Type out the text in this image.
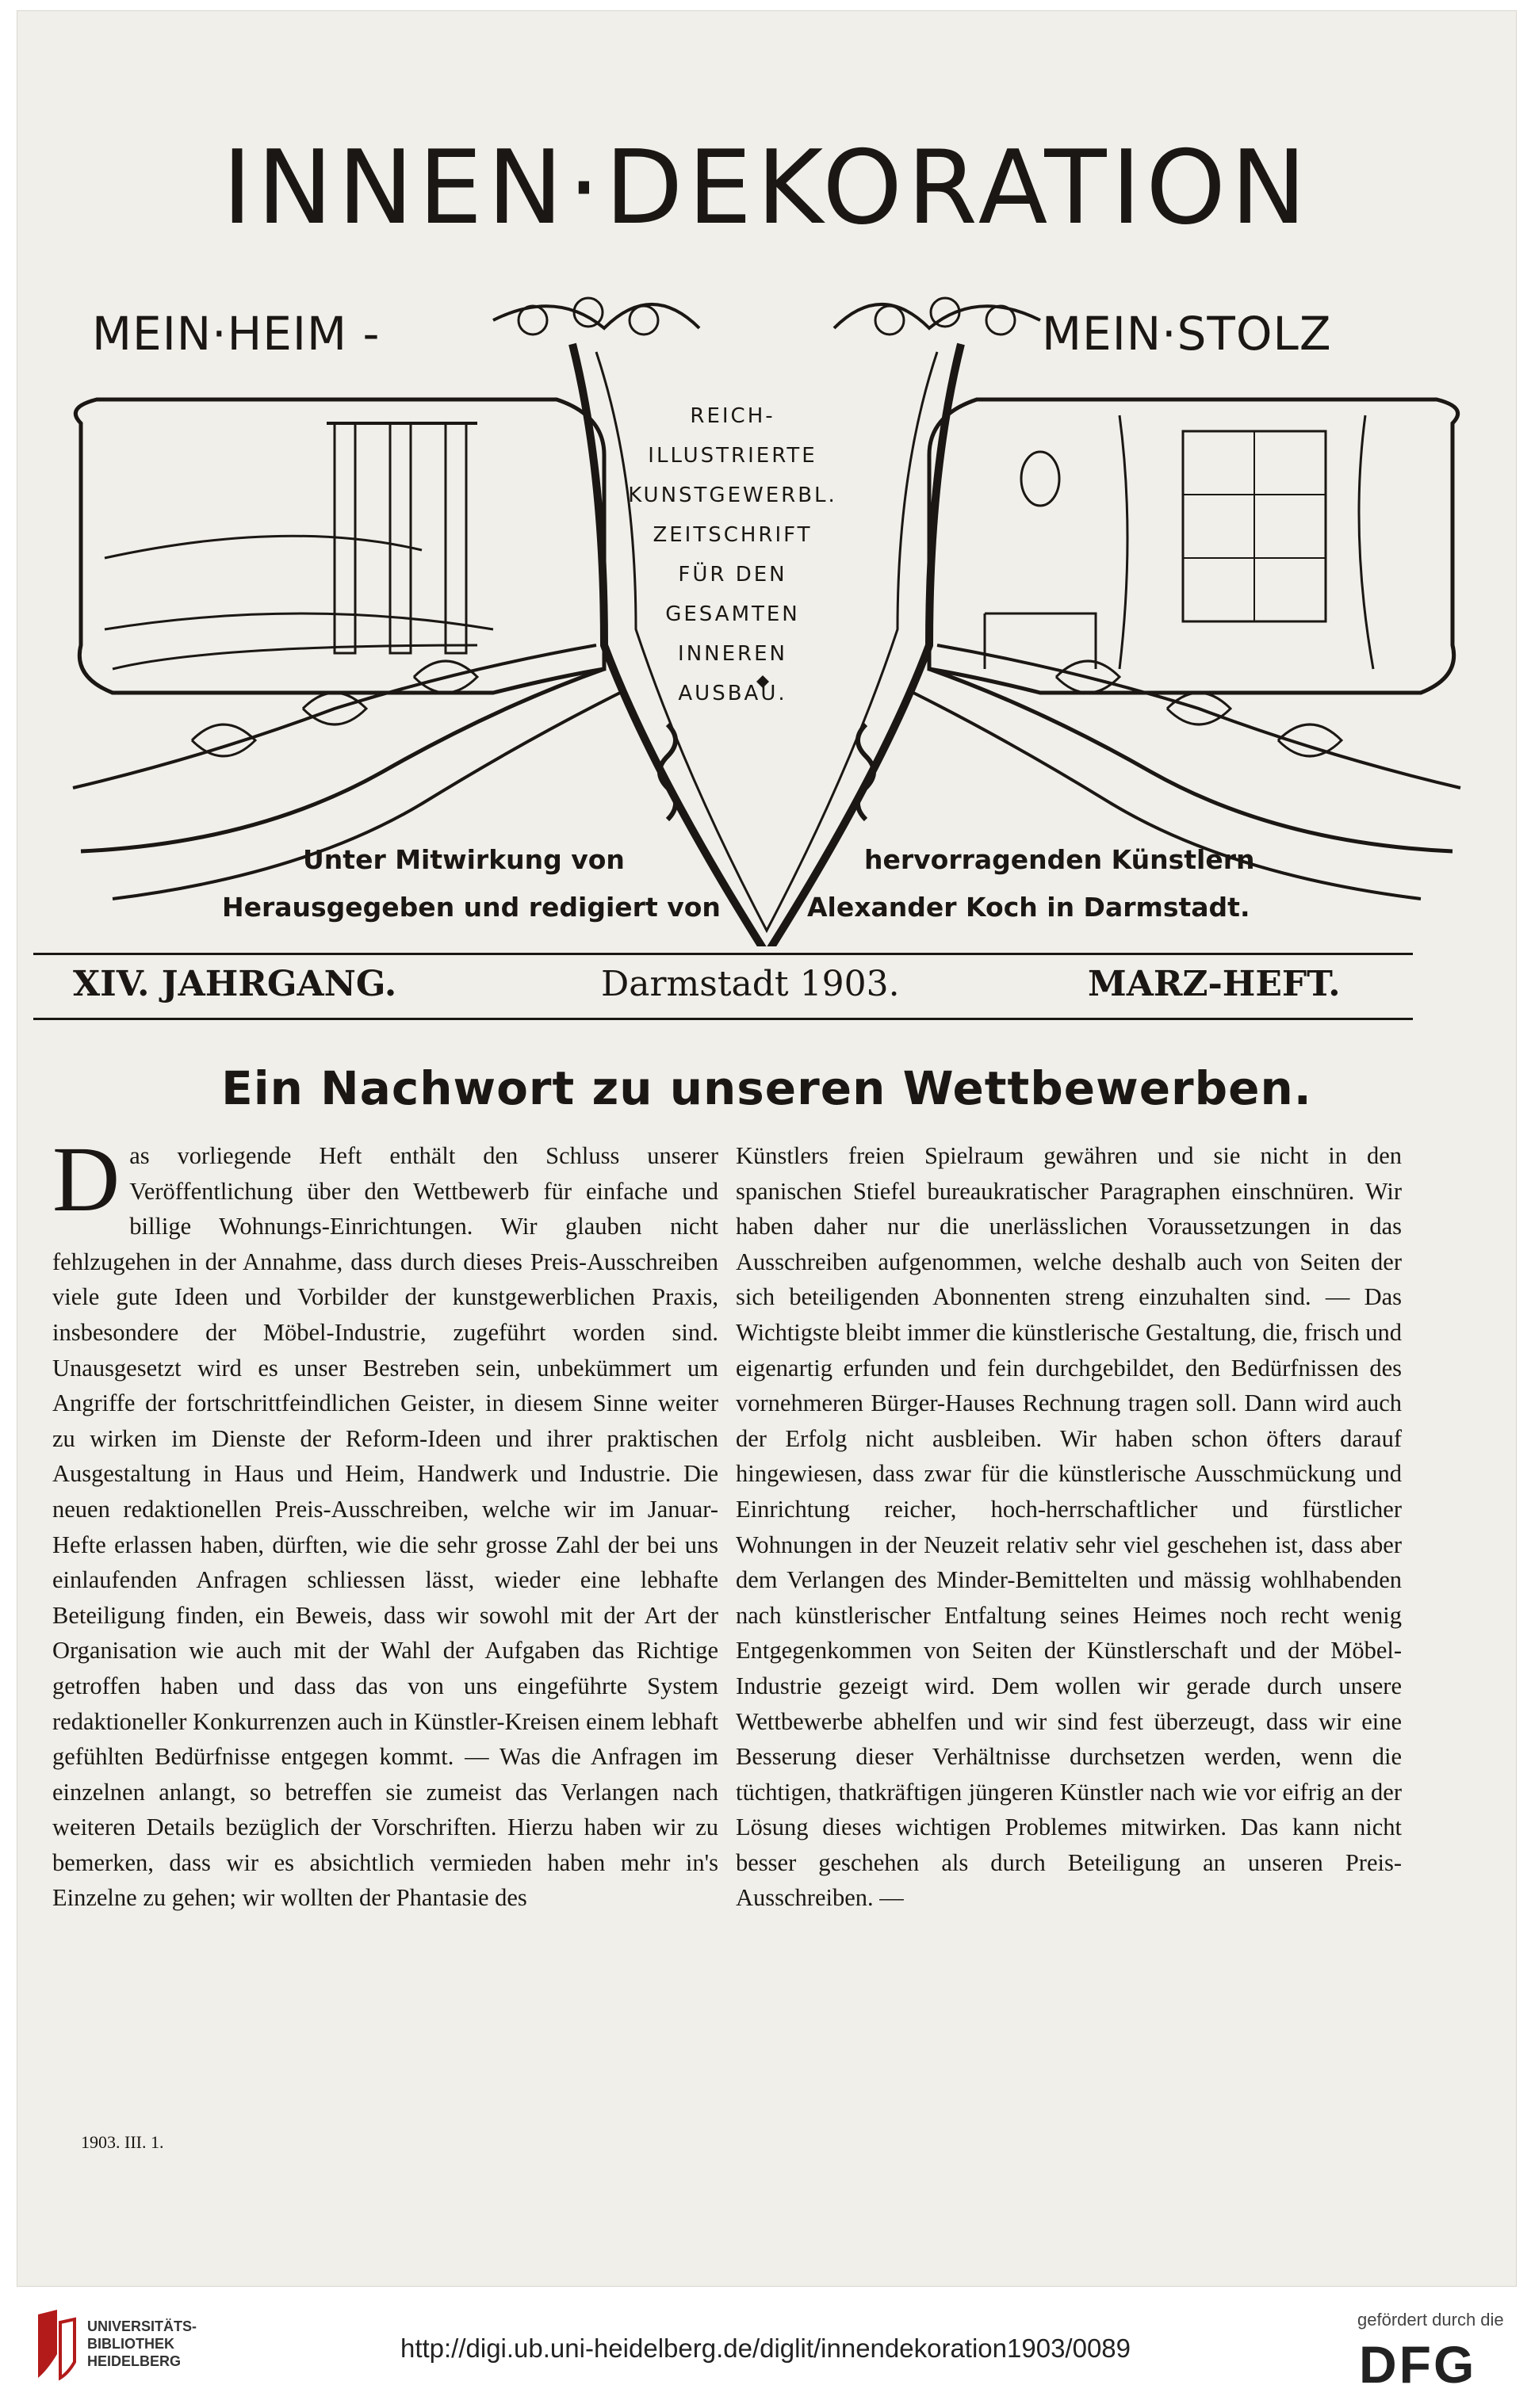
INNEN·DEKORATION
MEIN·HEIM -	MEIN·STOLZ
REICH-
ILLUSTRIERTE
KUNSTGEWERBL.
ZEITSCHRIFT
FÜR DEN
GESAMTEN
INNEREN
AUSBAU.
Unter Mitwirkung von
Herausgegeben und redigiert von
hervorragenden Künstlern
Alexander Koch in Darmstadt.
XIV. JAHRGANG.	Darmstadt 1903.	MARZ-HEFT.
Ein Nachwort zu unseren Wettbewerben.

Das vorliegende Heft enthält den Schluss unserer Veröffentlichung über den Wettbewerb für einfache und billige Wohnungs-Einrichtungen. Wir glauben nicht fehlzugehen in der Annahme, dass durch dieses Preis-Ausschreiben viele gute Ideen und Vorbilder der kunstgewerblichen Praxis, insbesondere der Möbel-Industrie, zugeführt worden sind. Unausgesetzt wird es unser Bestreben sein, unbekümmert um Angriffe der fortschrittfeindlichen Geister, in diesem Sinne weiter zu wirken im Dienste der Reform-Ideen und ihrer praktischen Ausgestaltung in Haus und Heim, Handwerk und Industrie. Die neuen redaktionellen Preis-Ausschreiben, welche wir im Januar-Hefte erlassen haben, dürften, wie die sehr grosse Zahl der bei uns einlaufenden Anfragen schliessen lässt, wieder eine lebhafte Beteiligung finden, ein Beweis, dass wir sowohl mit der Art der Organisation wie auch mit der Wahl der Aufgaben das Richtige getroffen haben und dass das von uns eingeführte System redaktioneller Konkurrenzen auch in Künstler-Kreisen einem lebhaft gefühlten Bedürfnisse entgegen kommt. — Was die Anfragen im einzelnen anlangt, so betreffen sie zumeist das Verlangen nach weiteren Details bezüglich der Vorschriften. Hierzu haben wir zu bemerken, dass wir es absichtlich vermieden haben mehr in's Einzelne zu gehen; wir wollten der Phantasie des

Künstlers freien Spielraum gewähren und sie nicht in den spanischen Stiefel bureaukratischer Paragraphen einschnüren. Wir haben daher nur die unerlässlichen Voraussetzungen in das Ausschreiben aufgenommen, welche deshalb auch von Seiten der sich beteiligenden Abonnenten streng einzuhalten sind. — Das Wichtigste bleibt immer die künstlerische Gestaltung, die, frisch und eigenartig erfunden und fein durchgebildet, den Bedürfnissen des vornehmeren Bürger-Hauses Rechnung tragen soll. Dann wird auch der Erfolg nicht ausbleiben. Wir haben schon öfters darauf hingewiesen, dass zwar für die künstlerische Ausschmückung und Einrichtung reicher, hoch-herrschaftlicher und fürstlicher Wohnungen in der Neuzeit relativ sehr viel geschehen ist, dass aber dem Verlangen des Minder-Bemittelten und mässig wohlhabenden nach künstlerischer Entfaltung seines Heimes noch recht wenig Entgegenkommen von Seiten der Künstlerschaft und der Möbel-Industrie gezeigt wird. Dem wollen wir gerade durch unsere Wettbewerbe abhelfen und wir sind fest überzeugt, dass wir eine Besserung dieser Verhältnisse durchsetzen werden, wenn die tüchtigen, thatkräftigen jüngeren Künstler nach wie vor eifrig an der Lösung dieses wichtigen Problemes mitwirken. Das kann nicht besser geschehen als durch Beteiligung an unseren Preis-Ausschreiben. —

1903. III. 1.
UNIVERSITÄTS-
BIBLIOTHEK
HEIDELBERG	http://digi.ub.uni-heidelberg.de/diglit/innendekoration1903/0089
gefördert durch die
DFG
